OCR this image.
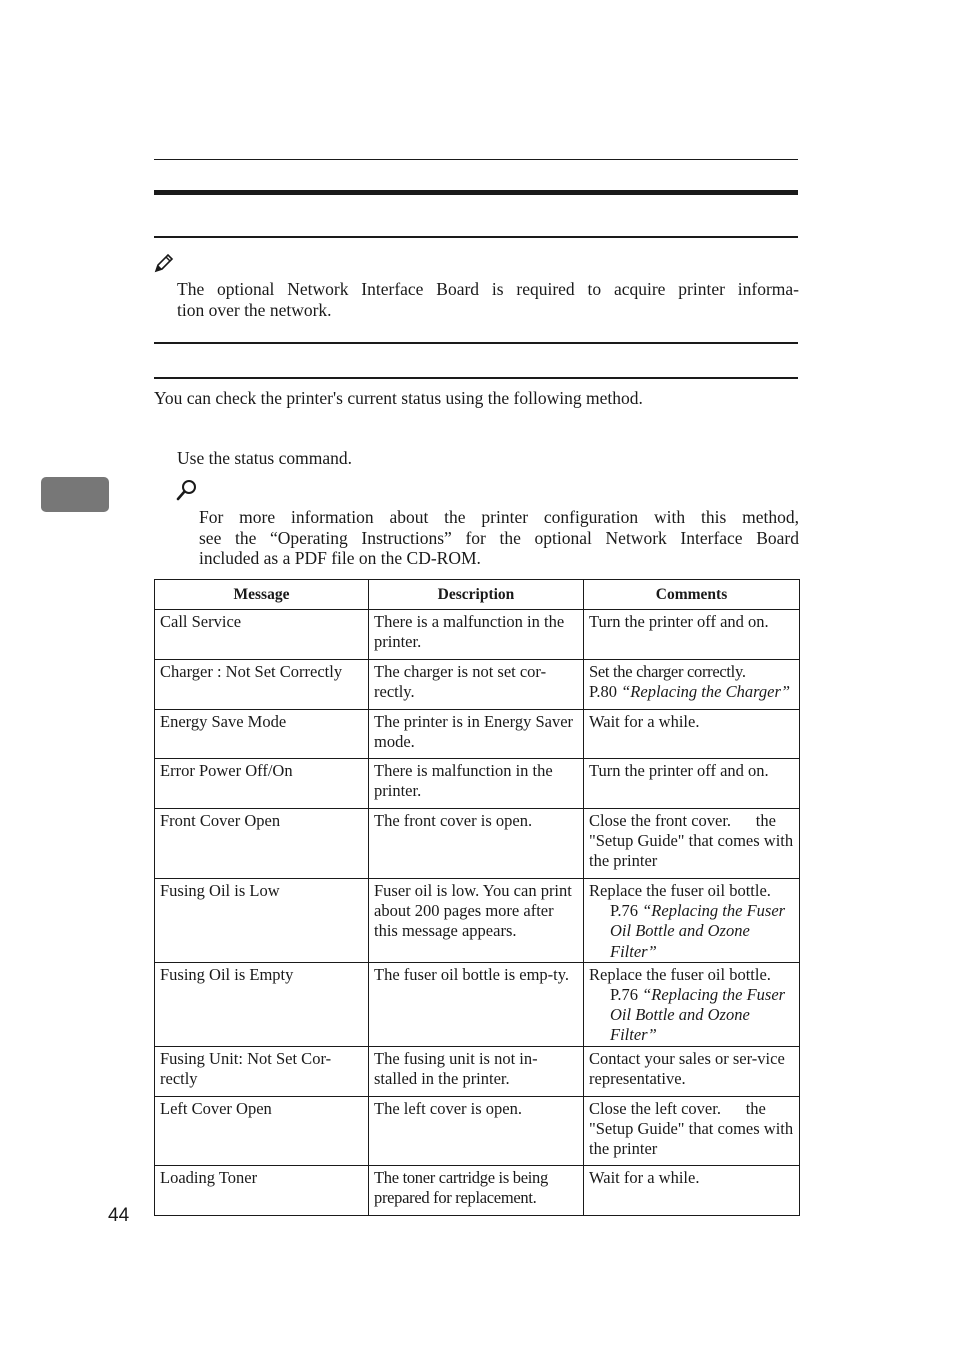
The optional Network Interface Board is required to acquire printer informa-
tion over the network.
You can check the printer's current status using the following method.
Use the status command.
For more information about the printer configuration with this method,
see the “Operating Instructions” for the optional Network Interface Board
included as a PDF file on the CD-ROM.
Message	Description	Comments
Call Service	There is a malfunction in the printer.	Turn the printer off and on.
Charger : Not Set Correctly	The charger is not set cor-rectly.	Set the charger correctly.
P.80 “Replacing the Charger”

Energy Save Mode	The printer is in Energy Saver mode.	Wait for a while.
Error Power Off/On	There is malfunction in the printer.	Turn the printer off and on.
Front Cover Open	The front cover is open.	Close the front cover.      the "Setup Guide" that comes with the printer
Fusing Oil is Low	Fuser oil is low. You can print about 200 pages more after this message appears.	Replace the fuser oil bottle.
P.76 “Replacing the Fuser Oil Bottle and Ozone Filter”

Fusing Oil is Empty	The fuser oil bottle is emp-ty.	Replace the fuser oil bottle.
P.76 “Replacing the Fuser Oil Bottle and Ozone Filter”

Fusing Unit: Not Set Cor-rectly	The fusing unit is not in-stalled in the printer.	Contact your sales or ser-vice representative.
Left Cover Open	The left cover is open.	Close the left cover.      the "Setup Guide" that comes with the printer
Loading Toner	The toner cartridge is being prepared for replacement.	Wait for a while.
44
